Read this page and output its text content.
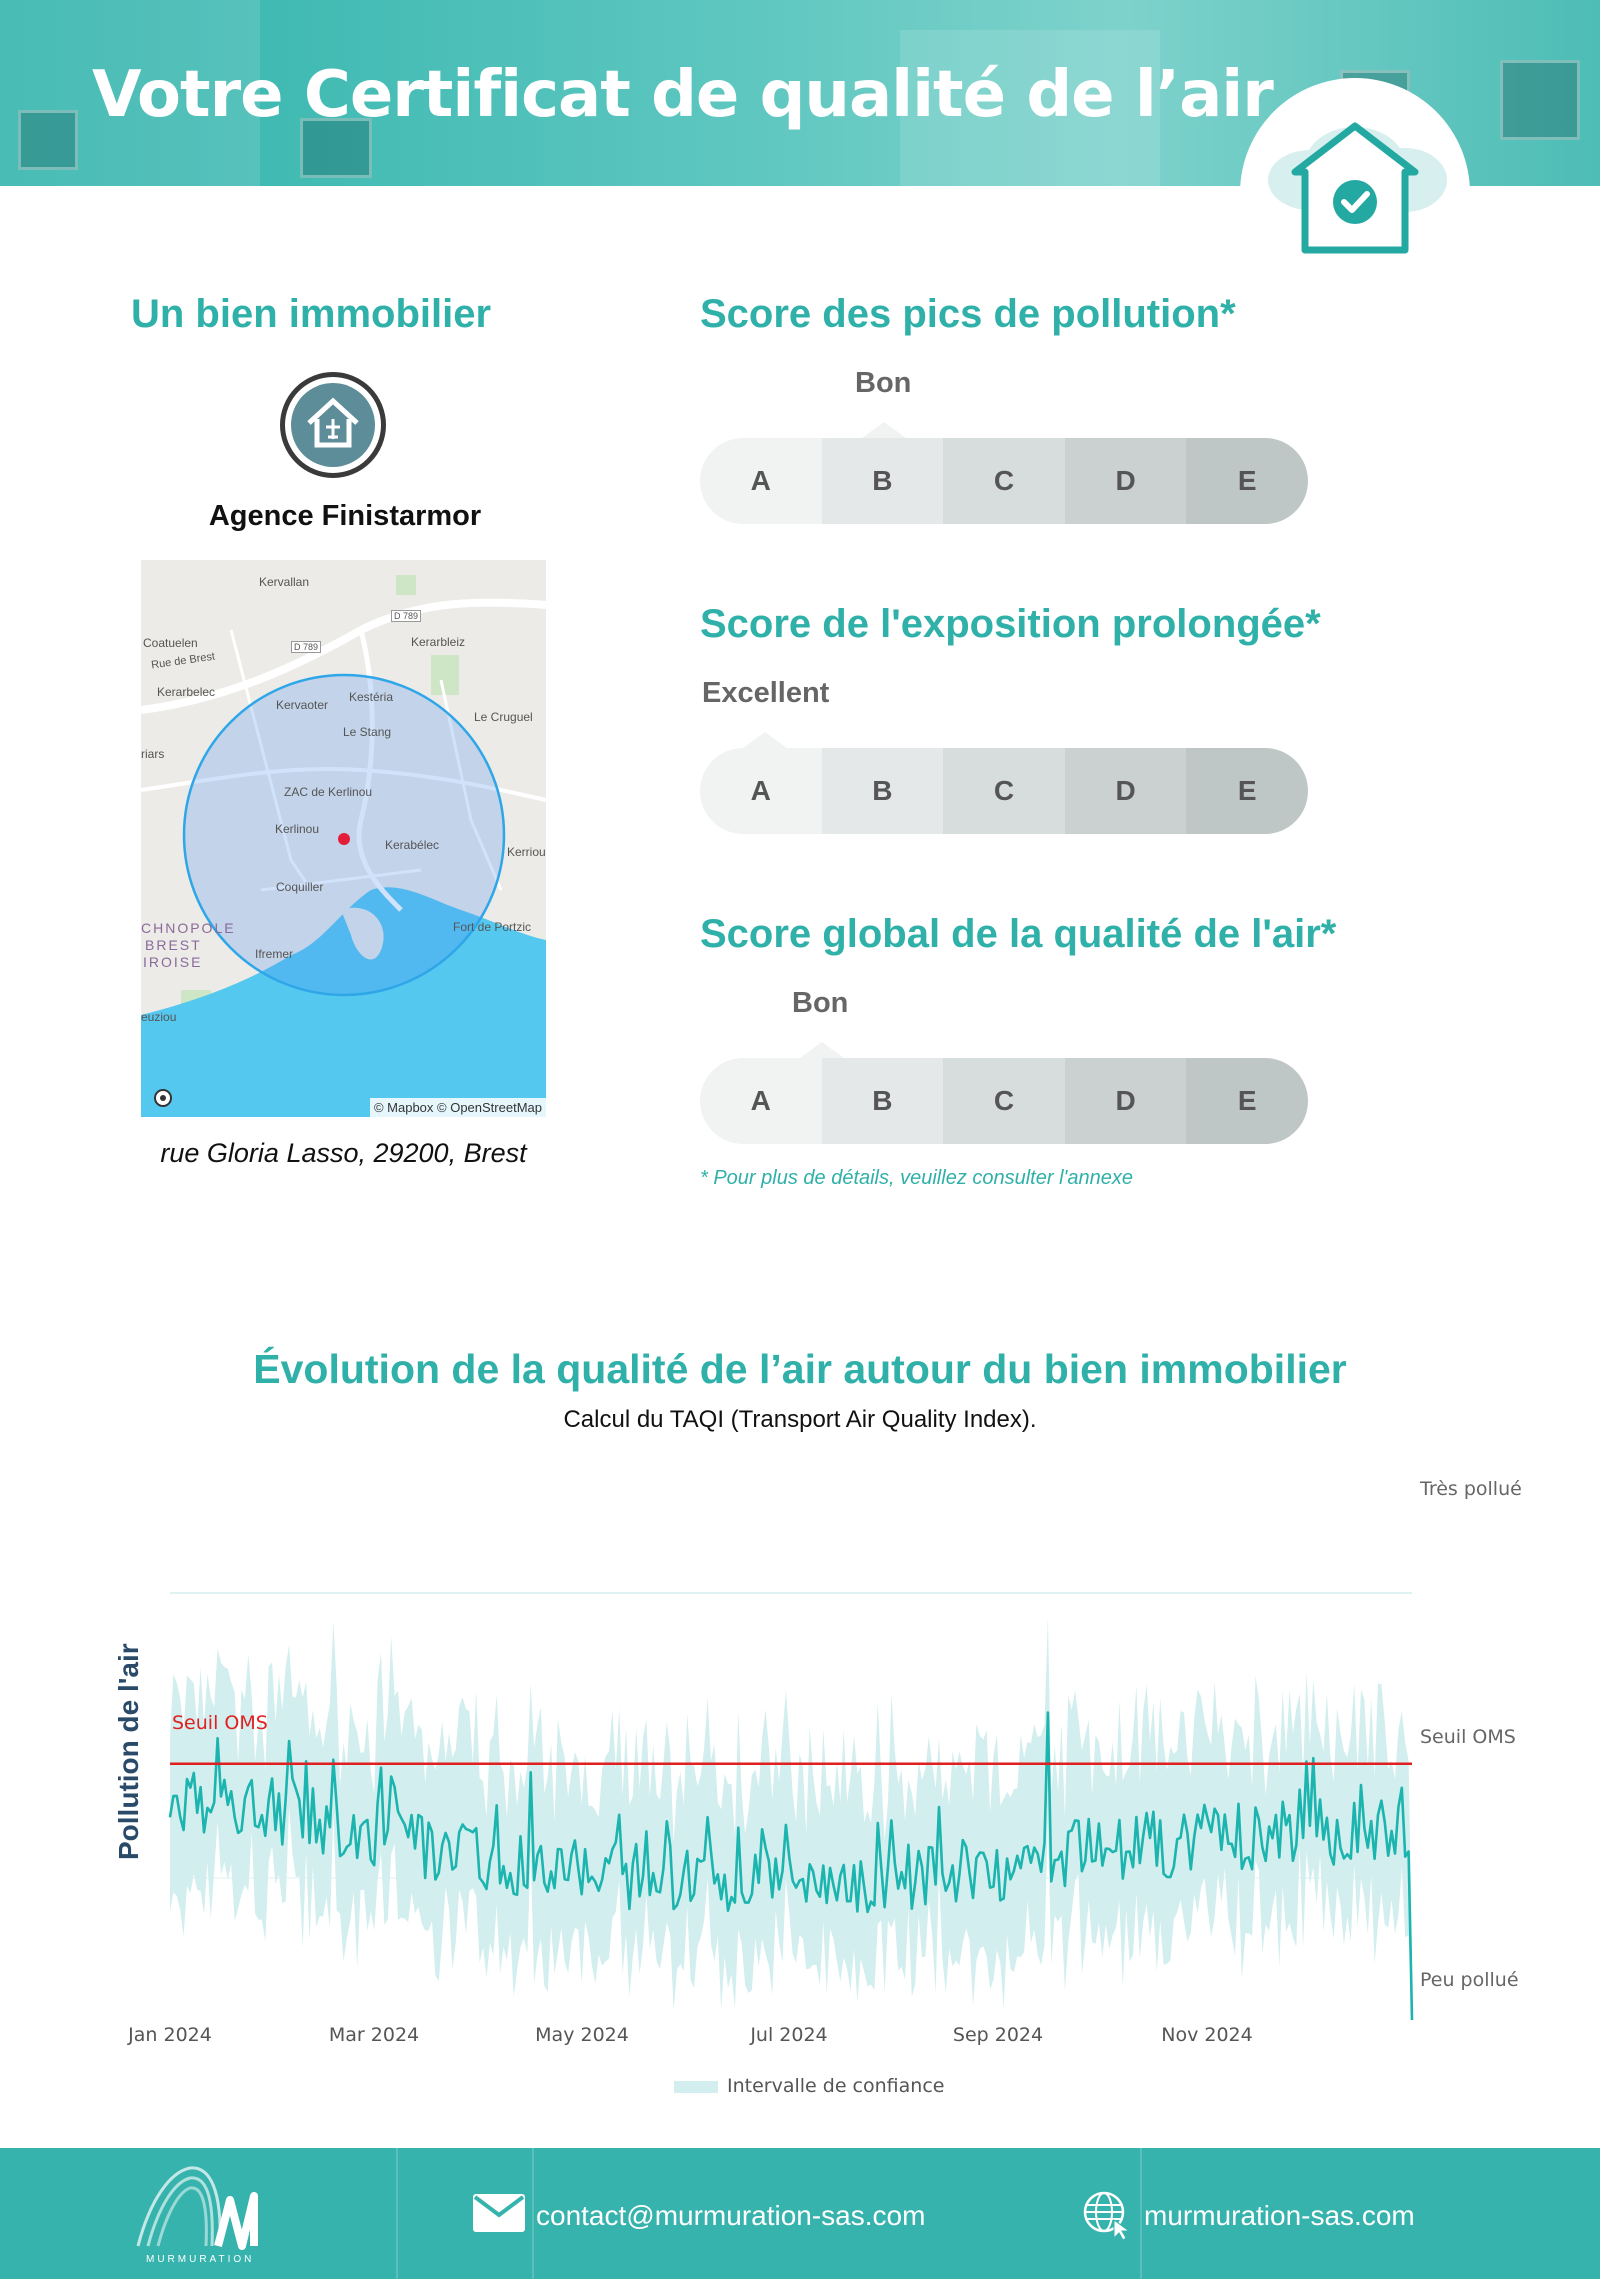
Votre Certificat de qualité de l’air
Un bien immobilier
Agence Finistarmor
Kervallan
D 789
Coatuelen	D 789	Kerarbleiz
Rue de Brest
Kerarbelec
Kervaoter
Kestéria
Le Cruguel
Le Stang
riars
ZAC de Kerlinou
Kerlinou
Kerabélec	Kerriou
Coquiller
CHNOPOLE
BREST
IROISE	Ifremer
Fort de Portzic
euziou
© Mapbox © OpenStreetMap
rue Gloria Lasso, 29200, Brest
Score des pics de pollution*
Bon
A	B	C	D	E
Score de l'exposition prolongée*
Excellent
A	B	C	D	E
Score global de la qualité de l'air*
Bon
A	B	C	D	E
* Pour plus de détails, veuillez consulter l'annexe
Évolution de la qualité de l’air autour du bien immobilier
Calcul du TAQI (Transport Air Quality Index).
Seuil OMS
Très pollué
Seuil OMS
Peu pollué
Pollution de l'air
Jan 2024	Mar 2024	May 2024	Jul 2024	Sep 2024	Nov 2024
Intervalle de confiance
MURMURATION
contact@murmuration-sas.com	murmuration-sas.com
